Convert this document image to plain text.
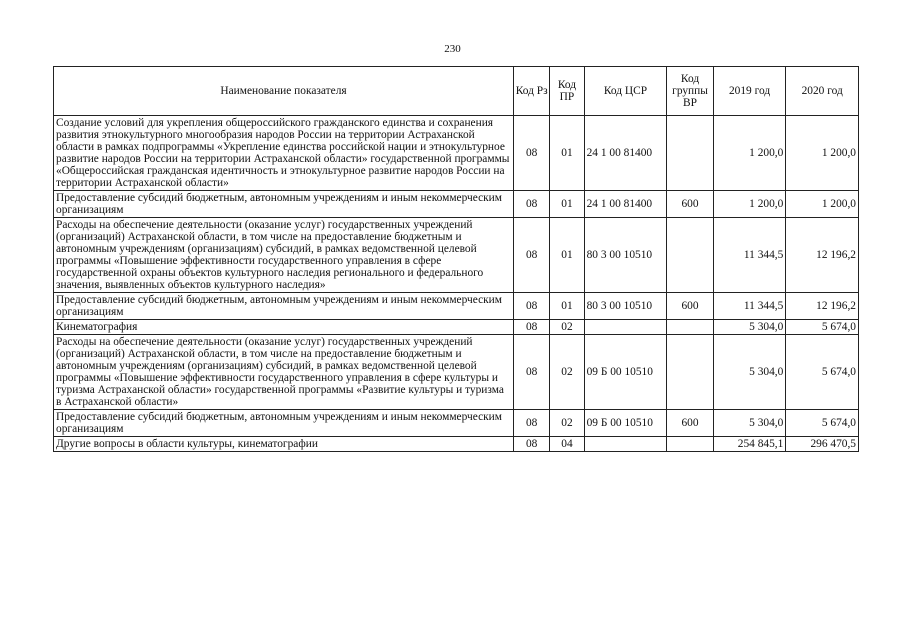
230
Наименование показателя	Код Рз	Код ПР	Код ЦСР	Код группы ВР	2019 год	2020 год
Создание условий для укрепления общероссийского гражданского единства и сохранения развития этнокультурного многообразия народов России на территории Астраханской области в рамках подпрограммы «Укрепление единства российской нации и этнокультурное развитие народов России на территории Астраханской области» государственной программы «Общероссийская гражданская идентичность и этнокультурное развитие народов России на территории Астраханской области»	08	01	24 1 00 81400		1 200,0	1 200,0
Предоставление субсидий бюджетным, автономным учреждениям и иным некоммерческим организациям	08	01	24 1 00 81400	600	1 200,0	1 200,0
Расходы на обеспечение деятельности (оказание услуг) государственных учреждений (организаций) Астраханской области, в том числе на предоставление бюджетным и автономным учреждениям (организациям) субсидий, в рамках ведомственной целевой программы «Повышение эффективности государственного управления в сфере государственной охраны объектов культурного наследия регионального и федерального значения, выявленных объектов культурного наследия»	08	01	80 3 00 10510		11 344,5	12 196,2
Предоставление субсидий бюджетным, автономным учреждениям и иным некоммерческим организациям	08	01	80 3 00 10510	600	11 344,5	12 196,2
Кинематография	08	02			5 304,0	5 674,0
Расходы на обеспечение деятельности (оказание услуг) государственных учреждений (организаций) Астраханской области, в том числе на предоставление бюджетным и автономным учреждениям (организациям) субсидий, в рамках ведомственной целевой программы «Повышение эффективности государственного управления в сфере культуры и туризма Астраханской области» государственной программы «Развитие культуры и туризма в Астраханской области»	08	02	09 Б 00 10510		5 304,0	5 674,0
Предоставление субсидий бюджетным, автономным учреждениям и иным некоммерческим организациям	08	02	09 Б 00 10510	600	5 304,0	5 674,0
Другие вопросы в области культуры, кинематографии	08	04			254 845,1	296 470,5
